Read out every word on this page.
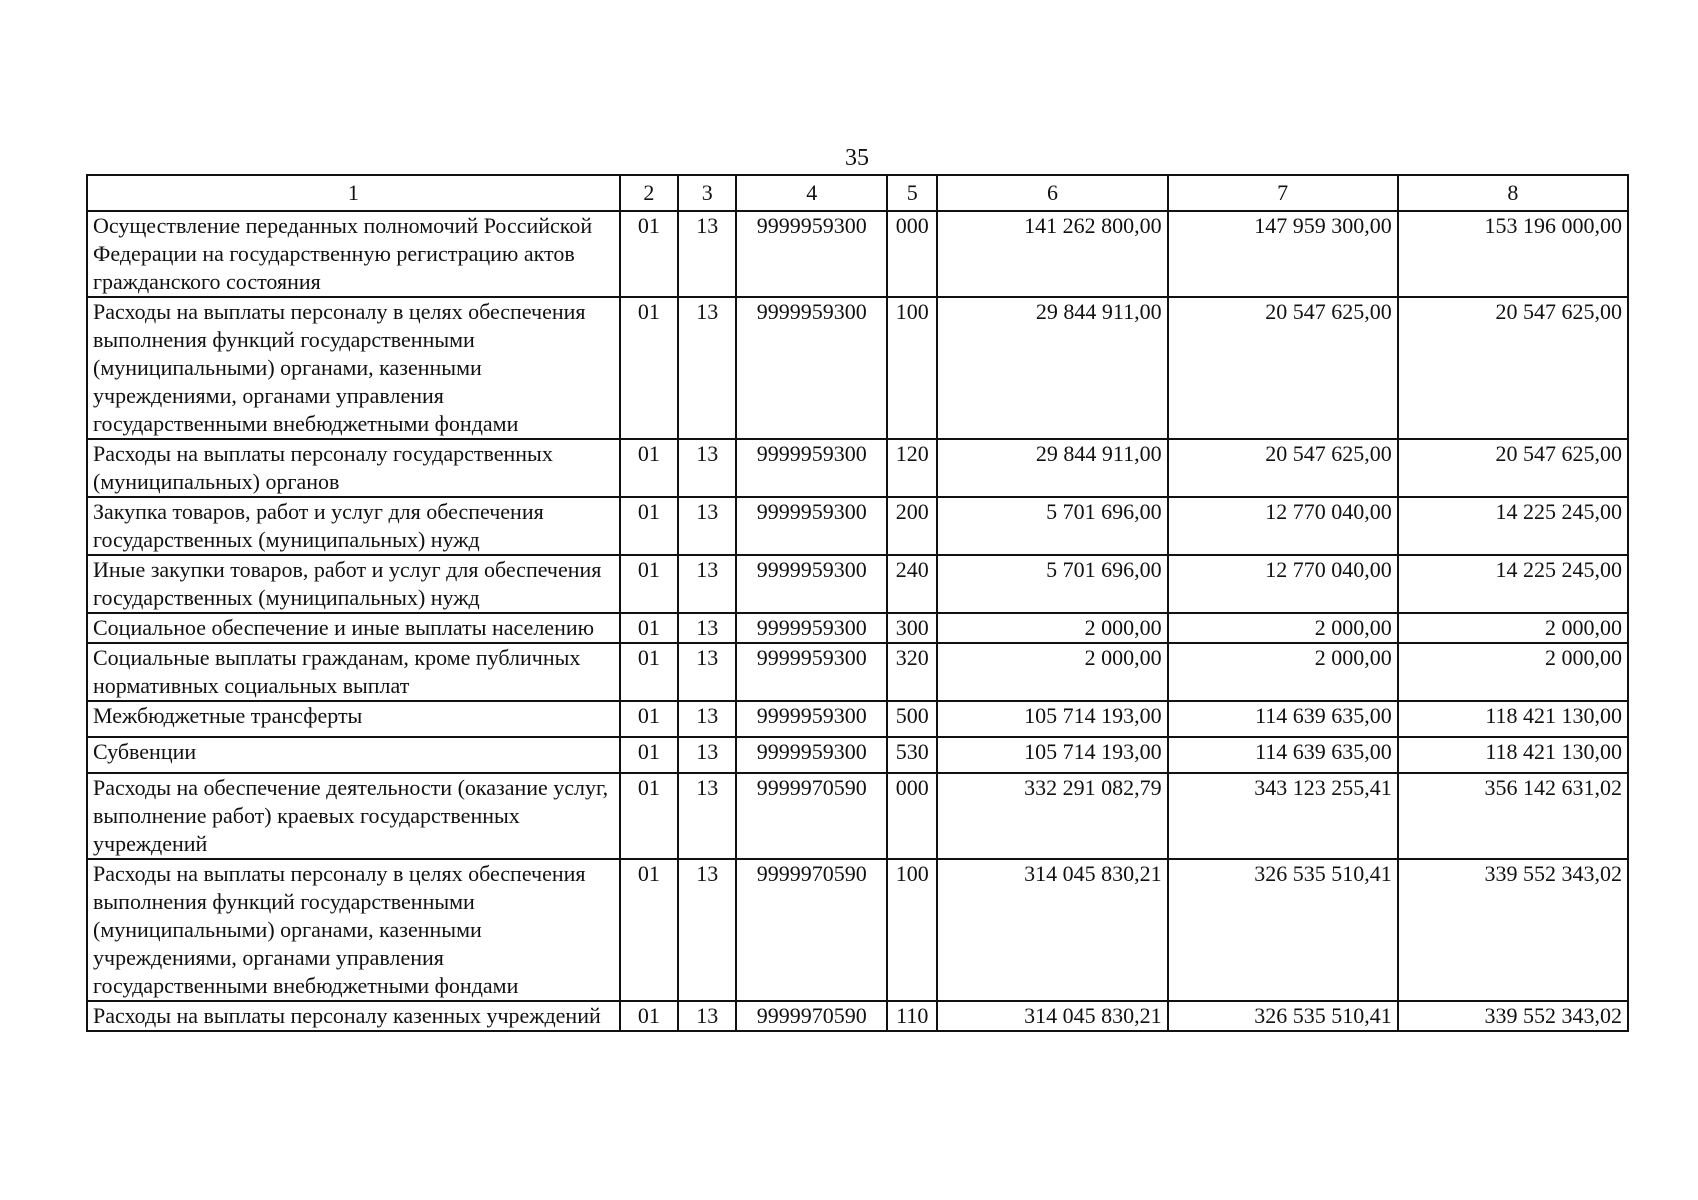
35
1	2	3	4	5	6	7	8
Осуществление переданных полномочий Российской Федерации на государственную регистрацию актов гражданского состояния	01	13	9999959300	000	141 262 800,00	147 959 300,00	153 196 000,00
Расходы на выплаты персоналу в целях обеспечения выполнения функций государственными (муниципальными) органами, казенными учреждениями, органами управления государственными внебюджетными фондами	01	13	9999959300	100	29 844 911,00	20 547 625,00	20 547 625,00
Расходы на выплаты персоналу государственных (муниципальных) органов	01	13	9999959300	120	29 844 911,00	20 547 625,00	20 547 625,00
Закупка товаров, работ и услуг для обеспечения государственных (муниципальных) нужд	01	13	9999959300	200	5 701 696,00	12 770 040,00	14 225 245,00
Иные закупки товаров, работ и услуг для обеспечения государственных (муниципальных) нужд	01	13	9999959300	240	5 701 696,00	12 770 040,00	14 225 245,00
Социальное обеспечение и иные выплаты населению	01	13	9999959300	300	2 000,00	2 000,00	2 000,00
Социальные выплаты гражданам, кроме публичных нормативных социальных выплат	01	13	9999959300	320	2 000,00	2 000,00	2 000,00
Межбюджетные трансферты	01	13	9999959300	500	105 714 193,00	114 639 635,00	118 421 130,00
Субвенции	01	13	9999959300	530	105 714 193,00	114 639 635,00	118 421 130,00
Расходы на обеспечение деятельности (оказание услуг, выполнение работ) краевых государственных учреждений	01	13	9999970590	000	332 291 082,79	343 123 255,41	356 142 631,02
Расходы на выплаты персоналу в целях обеспечения выполнения функций государственными (муниципальными) органами, казенными учреждениями, органами управления государственными внебюджетными фондами	01	13	9999970590	100	314 045 830,21	326 535 510,41	339 552 343,02
Расходы на выплаты персоналу казенных учреждений	01	13	9999970590	110	314 045 830,21	326 535 510,41	339 552 343,02
